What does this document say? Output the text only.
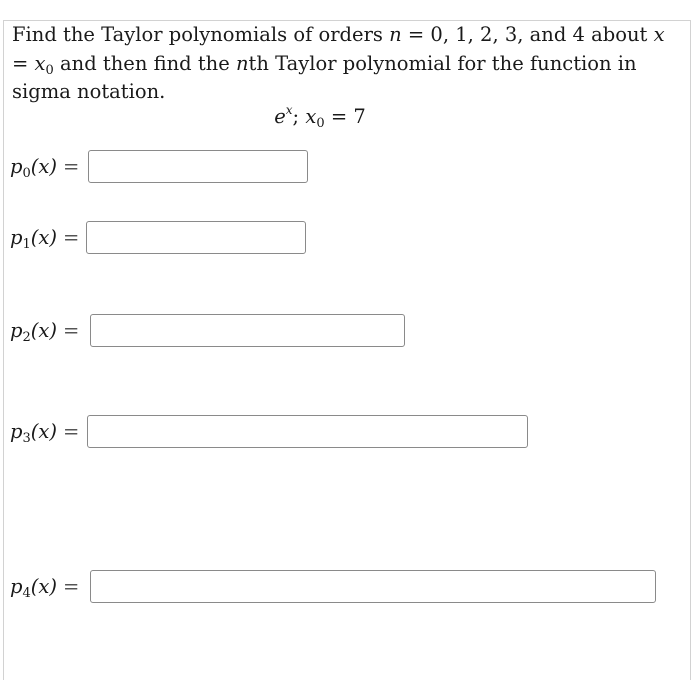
Find the Taylor polynomials of orders n = 0, 1, 2, 3, and 4 about $x = x_0$ and then find the nth Taylor polynomial for the function in sigma notation.

$e^x$; $x_0 = 7$
$p_0(x)$ =
$p_1(x)$ =
$p_2(x)$ =
$p_3(x)$ =
$p_4(x)$ =
